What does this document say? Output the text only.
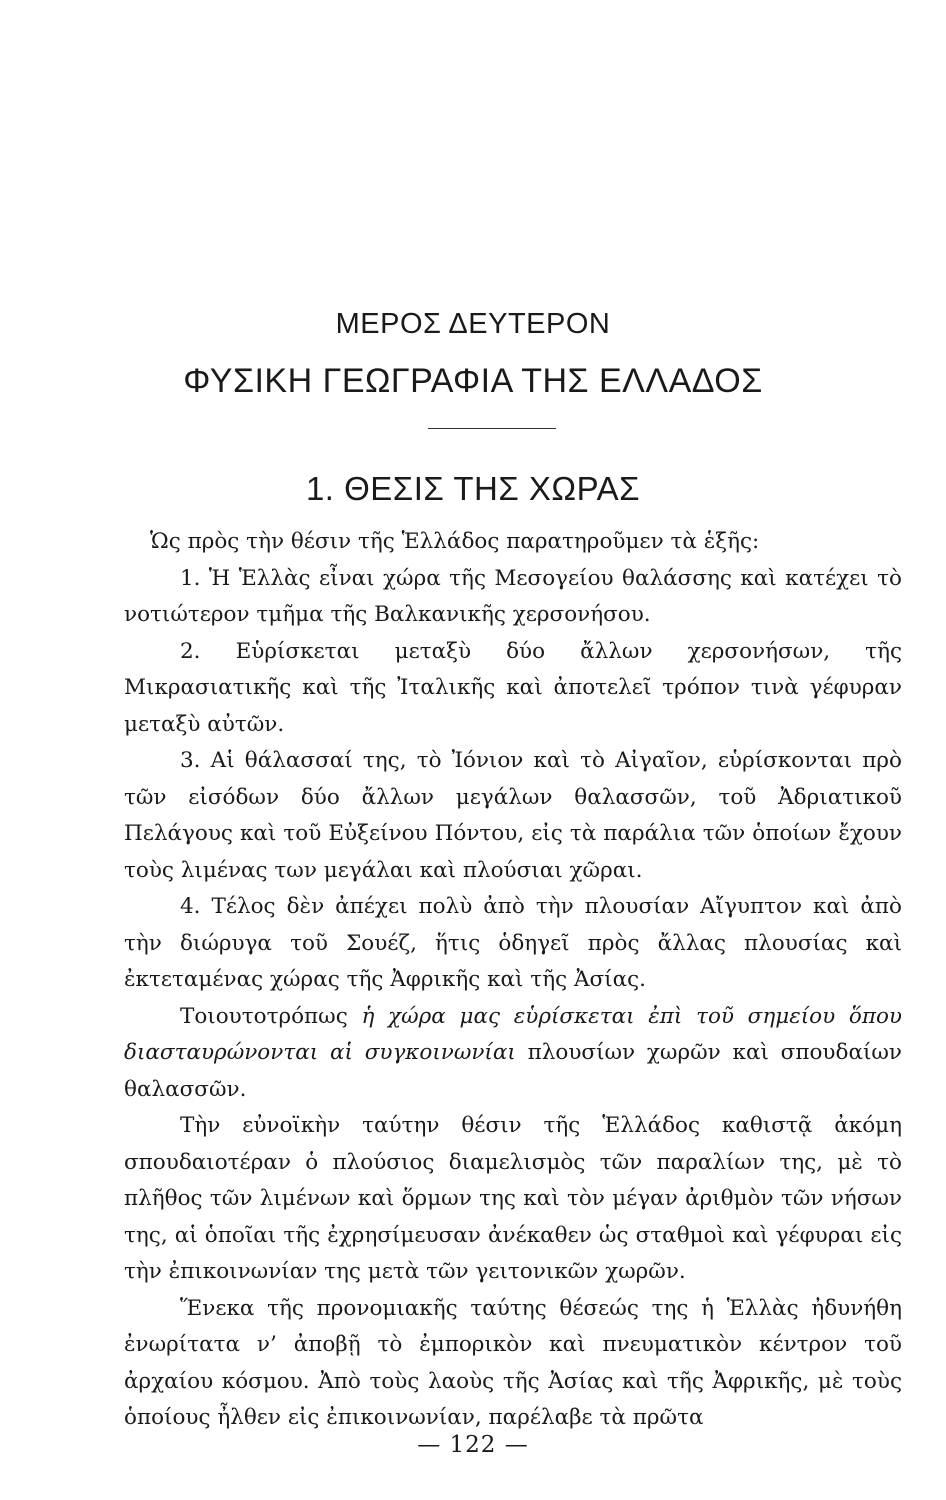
ΜΕΡΟΣ ΔΕΥΤΕΡΟΝ
ΦΥΣΙΚΗ ΓΕΩΓΡΑΦΙΑ ΤΗΣ ΕΛΛΑΔΟΣ
1. ΘΕΣΙΣ ΤΗΣ ΧΩΡΑΣ

Ὡς πρὸς τὴν θέσιν τῆς Ἑλλάδος παρατηροῦμεν τὰ ἑξῆς:

1. Ἡ Ἑλλὰς εἶναι χώρα τῆς Μεσογείου θαλάσσης καὶ κατέχει τὸ νοτιώτερον τμῆμα τῆς Βαλκανικῆς χερσονήσου.

2. Εὑρίσκεται μεταξὺ δύο ἄλλων χερσονήσων, τῆς Μικρασιατικῆς καὶ τῆς Ἰταλικῆς καὶ ἀποτελεῖ τρόπον τινὰ γέφυραν μεταξὺ αὐτῶν.

3. Αἱ θάλασσαί της, τὸ Ἰόνιον καὶ τὸ Αἰγαῖον, εὑρίσκονται πρὸ τῶν εἰσόδων δύο ἄλλων μεγάλων θαλασσῶν, τοῦ Ἀδριατικοῦ Πελάγους καὶ τοῦ Εὐξείνου Πόντου, εἰς τὰ παράλια τῶν ὁποίων ἔχουν τοὺς λιμένας των μεγάλαι καὶ πλούσιαι χῶραι.

4. Τέλος δὲν ἀπέχει πολὺ ἀπὸ τὴν πλουσίαν Αἴγυπτον καὶ ἀπὸ τὴν διώρυγα τοῦ Σουέζ, ἥτις ὁδηγεῖ πρὸς ἄλλας πλουσίας καὶ ἐκτεταμένας χώρας τῆς Ἀφρικῆς καὶ τῆς Ἀσίας.

Τοιουτοτρόπως ἡ χώρα μας εὑρίσκεται ἐπὶ τοῦ σημείου ὅπου διασταυρώνονται αἱ συγκοινωνίαι πλουσίων χωρῶν καὶ σπουδαίων θαλασσῶν.

Τὴν εὐνοϊκὴν ταύτην θέσιν τῆς Ἑλλάδος καθιστᾷ ἀκόμη σπουδαιοτέραν ὁ πλούσιος διαμελισμὸς τῶν παραλίων της, μὲ τὸ πλῆθος τῶν λιμένων καὶ ὅρμων της καὶ τὸν μέγαν ἀριθμὸν τῶν νήσων της, αἱ ὁποῖαι τῆς ἐχρησίμευσαν ἀνέκαθεν ὡς σταθμοὶ καὶ γέφυραι εἰς τὴν ἐπικοινωνίαν της μετὰ τῶν γειτονικῶν χωρῶν.

Ἕνεκα τῆς προνομιακῆς ταύτης θέσεώς της ἡ Ἑλλὰς ἠδυνήθη ἐνωρίτατα ν’ ἀποβῇ τὸ ἐμπορικὸν καὶ πνευματικὸν κέντρον τοῦ ἀρχαίου κόσμου. Ἀπὸ τοὺς λαοὺς τῆς Ἀσίας καὶ τῆς Ἀφρικῆς, μὲ τοὺς ὁποίους ἦλθεν εἰς ἐπικοινωνίαν, παρέλαβε τὰ πρῶτα

— 122 —
